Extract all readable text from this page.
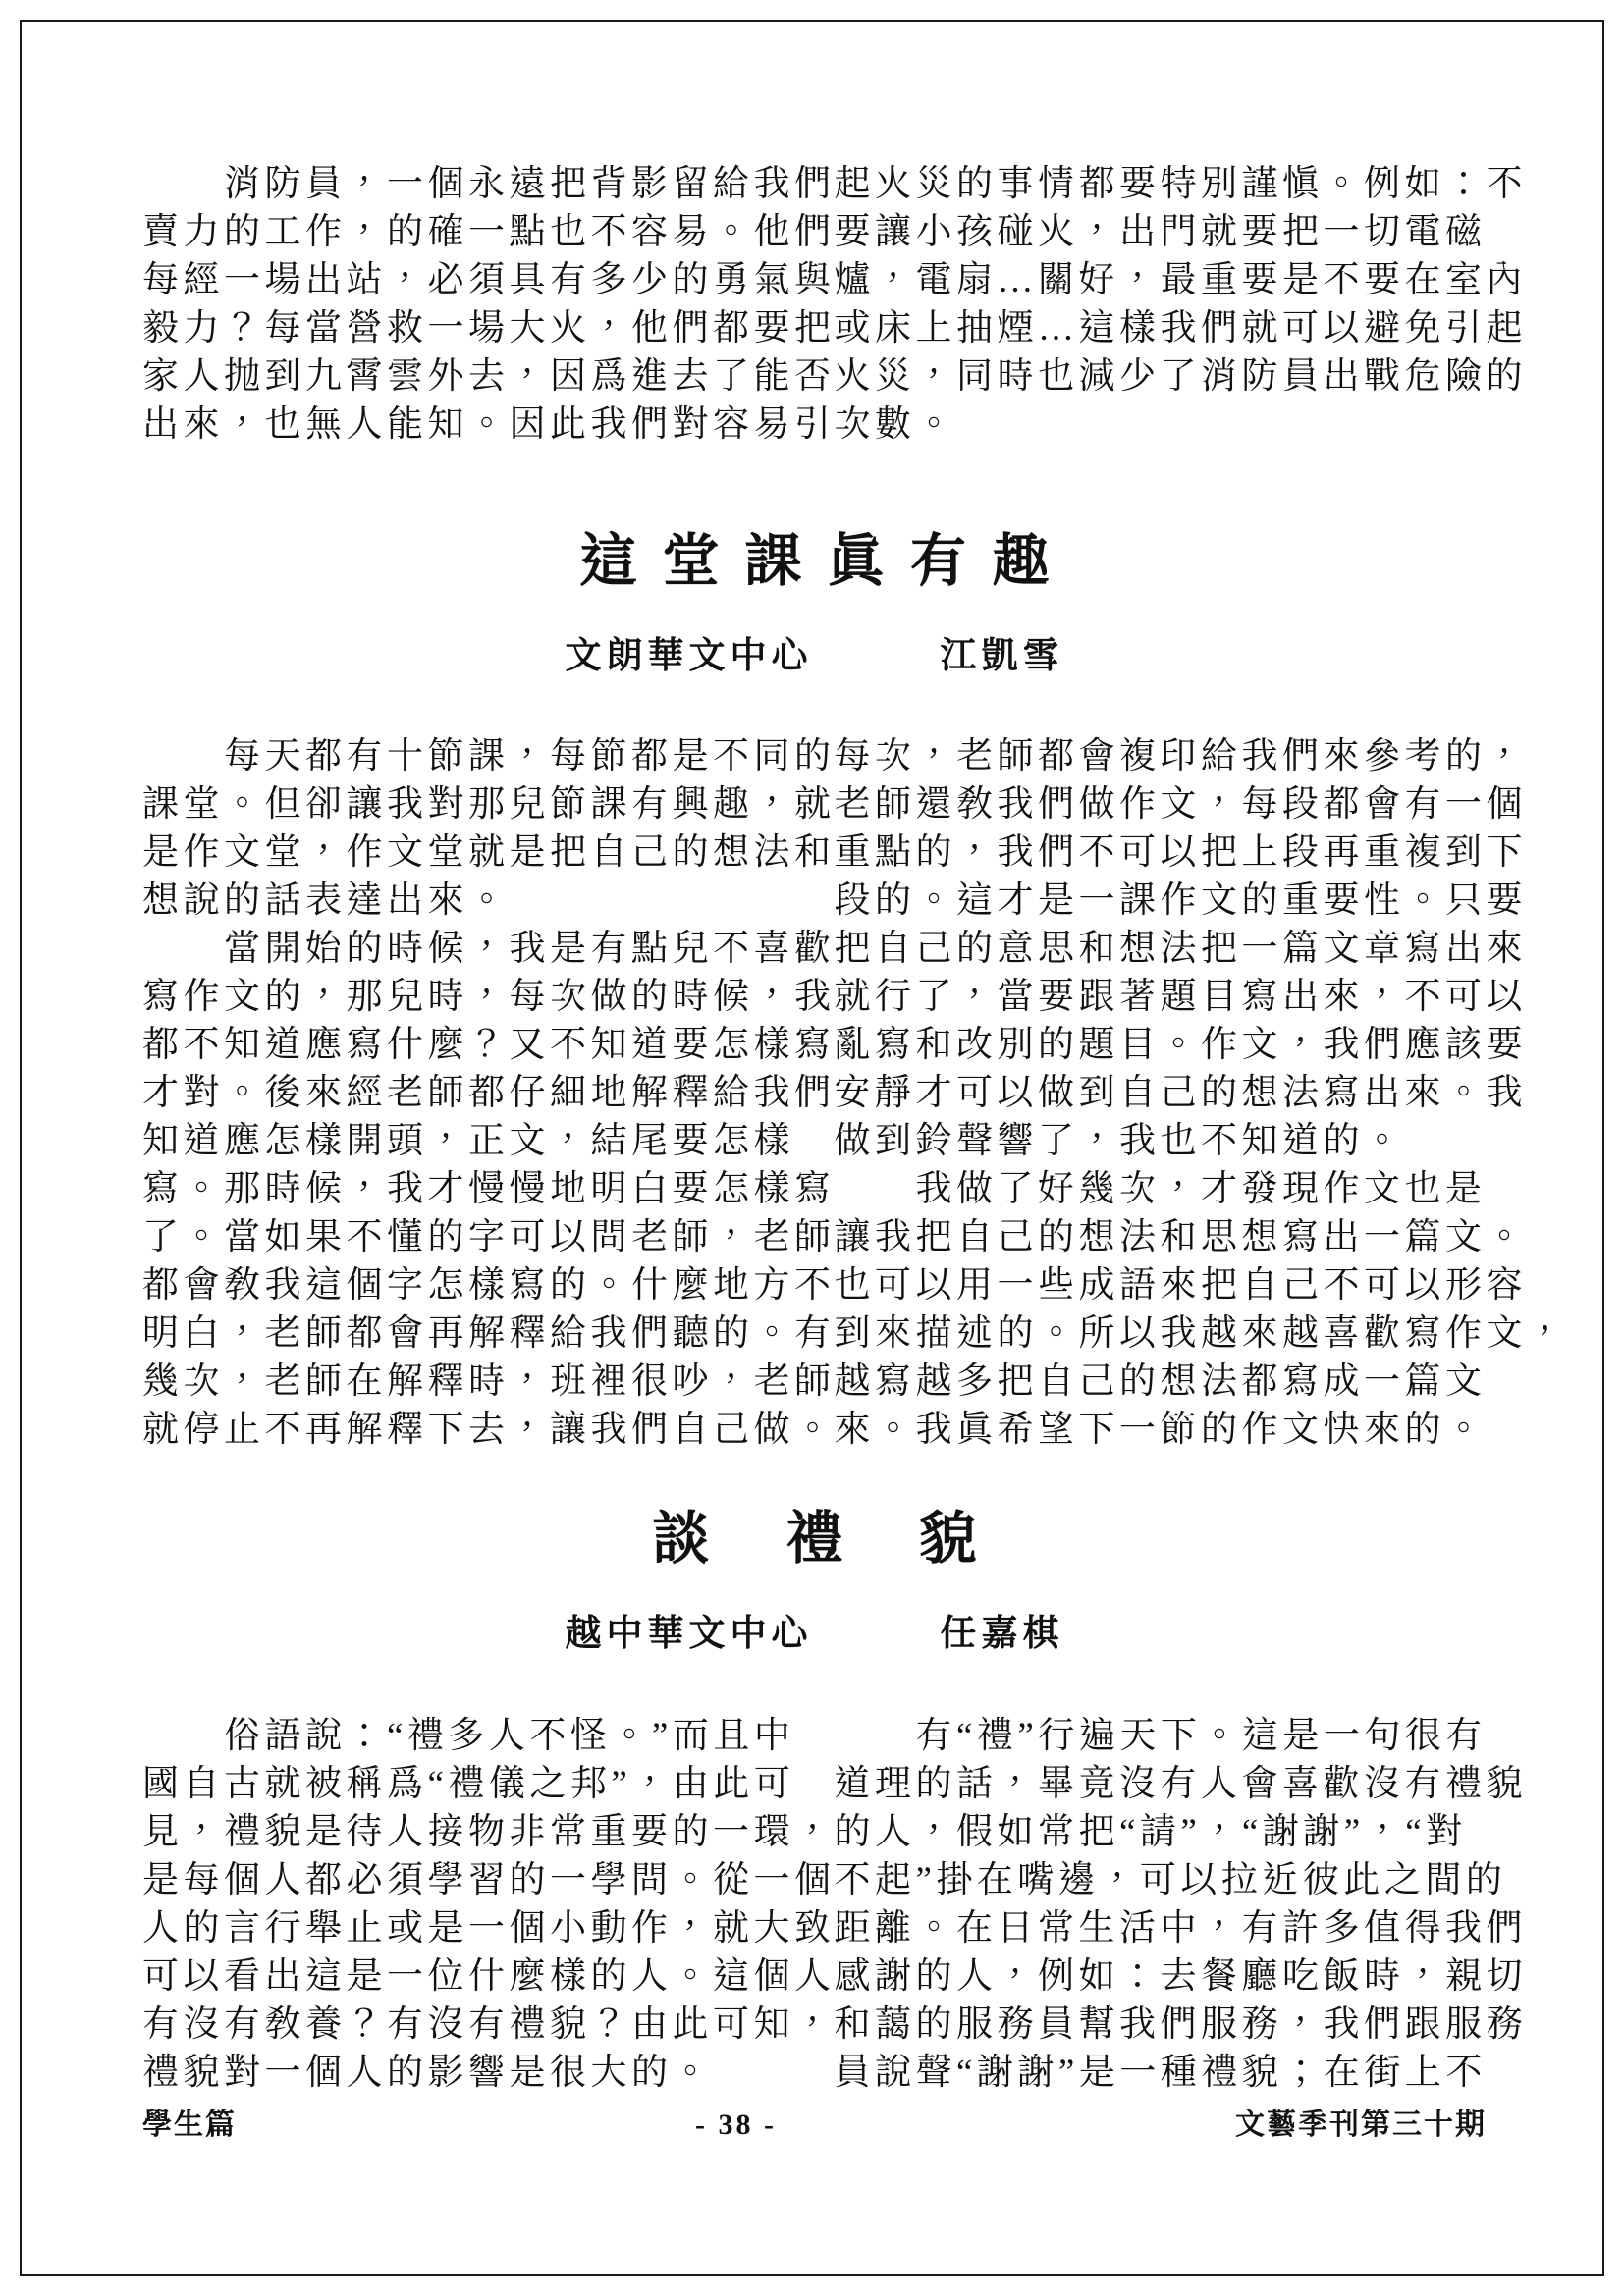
　　消防員，一個永遠把背影留給我們
賣力的工作，的確一點也不容易。他們
每經一場出站，必須具有多少的勇氣與
毅力？每當營救一場大火，他們都要把
家人抛到九霄雲外去，因爲進去了能否
出來，也無人能知。因此我們對容易引
起火災的事情都要特別謹愼。例如：不
要讓小孩碰火，出門就要把一切電磁
爐，電扇…關好，最重要是不要在室內
或床上抽煙…這樣我們就可以避免引起
火災，同時也減少了消防員出戰危險的
次數。
這堂課眞有趣
文朗華文中心	江凱雪
　　每天都有十節課，每節都是不同的
課堂。但卻讓我對那兒節課有興趣，就
是作文堂，作文堂就是把自己的想法和
想說的話表達出來。
　　當開始的時候，我是有點兒不喜歡
寫作文的，那兒時，每次做的時候，我
都不知道應寫什麼？又不知道要怎樣寫
才對。後來經老師都仔細地解釋給我們
知道應怎樣開頭，正文，結尾要怎樣
寫。那時候，我才慢慢地明白要怎樣寫
了。當如果不懂的字可以問老師，老師
都會敎我這個字怎樣寫的。什麼地方不
明白，老師都會再解釋給我們聽的。有
幾次，老師在解釋時，班裡很吵，老師
就停止不再解釋下去，讓我們自己做。
每次，老師都會複印給我們來參考的，
老師還敎我們做作文，每段都會有一個
重點的，我們不可以把上段再重複到下
段的。這才是一課作文的重要性。只要
把自己的意思和想法把一篇文章寫出來
就行了，當要跟著題目寫出來，不可以
亂寫和改別的題目。作文，我們應該要
安靜才可以做到自己的想法寫出來。我
做到鈴聲響了，我也不知道的。
　　我做了好幾次，才發現作文也是
讓我把自己的想法和思想寫出一篇文。
也可以用一些成語來把自己不可以形容
到來描述的。所以我越來越喜歡寫作文，
越寫越多把自己的想法都寫成一篇文
來。我眞希望下一節的作文快來的。
談　禮　貌
越中華文中心	任嘉棋
　　俗語說：“禮多人不怪。”而且中
國自古就被稱爲“禮儀之邦”，由此可
見，禮貌是待人接物非常重要的一環，
是每個人都必須學習的一學問。從一個
人的言行舉止或是一個小動作，就大致
可以看出這是一位什麼樣的人。這個人
有沒有敎養？有沒有禮貌？由此可知，
禮貌對一個人的影響是很大的。
　　有“禮”行遍天下。這是一句很有
道理的話，畢竟沒有人會喜歡沒有禮貌
的人，假如常把“請”，“謝謝”，“對
不起”掛在嘴邊，可以拉近彼此之間的
距離。在日常生活中，有許多值得我們
感謝的人，例如：去餐廳吃飯時，親切
和藹的服務員幫我們服務，我們跟服務
員說聲“謝謝”是一種禮貌；在街上不
學生篇	- 38 -	文藝季刊第三十期
